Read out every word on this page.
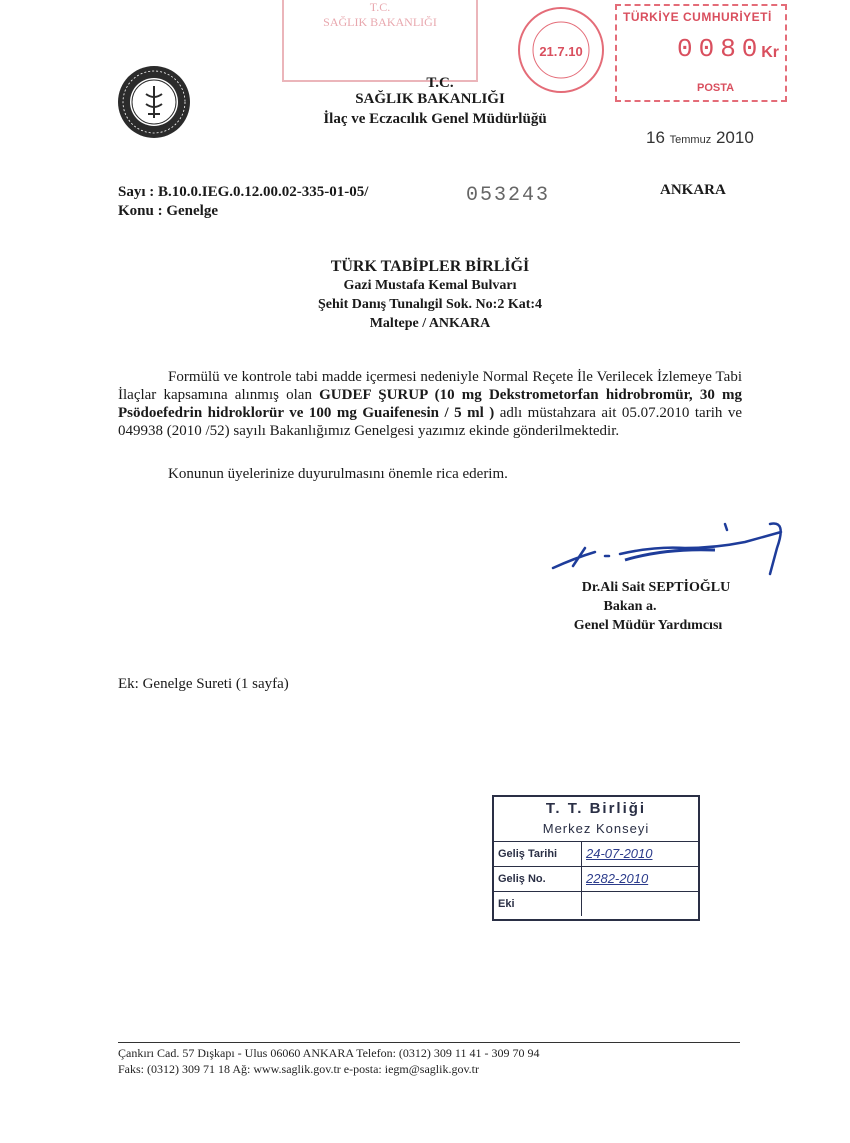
T.C.
SAĞLIK BAKANLIĞI
21.7.10
TÜRKİYE CUMHURİYETİ
0080
Kr
POSTA
T.C.
SAĞLIK BAKANLIĞI
İlaç ve Eczacılık Genel Müdürlüğü
16 Temmuz 2010
Sayı : B.10.0.IEG.0.12.00.02-335-01-05/
Konu : Genelge
053243	ANKARA
TÜRK TABİPLER BİRLİĞİ
Gazi Mustafa Kemal Bulvarı
Şehit Danış Tunalıgil Sok. No:2 Kat:4
Maltepe / ANKARA
Formülü ve kontrole tabi madde içermesi nedeniyle Normal Reçete İle Verilecek İzlemeye Tabi İlaçlar kapsamına alınmış olan GUDEF ŞURUP (10 mg Dekstrometorfan hidrobromür, 30 mg Psödoefedrin hidroklorür ve 100 mg Guaifenesin / 5 ml ) adlı müstahzara ait 05.07.2010 tarih ve 049938 (2010 /52) sayılı Bakanlığımız Genelgesi yazımız ekinde gönderilmektedir.
Konunun üyelerinize duyurulmasını önemle rica ederim.
Dr.Ali Sait SEPTİOĞLU
Bakan a.
Genel Müdür Yardımcısı
Ek: Genelge Sureti (1 sayfa)
T. T. Birliği
Merkez Konseyi
Geliş Tarihi	24-07-2010
Geliş No.	2282-2010
Eki
Çankırı Cad. 57 Dışkapı - Ulus 06060 ANKARA Telefon: (0312) 309 11 41 - 309 70 94
Faks: (0312) 309 71 18 Ağ: www.saglik.gov.tr e-posta: iegm@saglik.gov.tr
